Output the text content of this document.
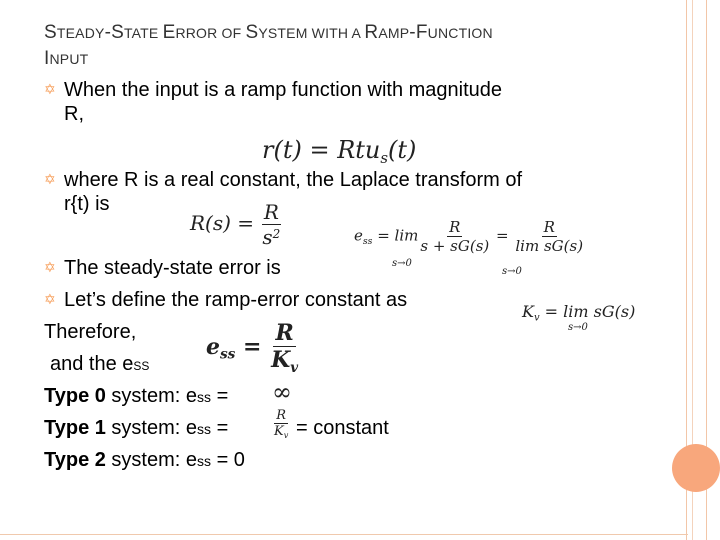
STEADY-STATE ERROR OF SYSTEM WITH A RAMP-FUNCTION
INPUT
✡ When the input is a ramp function with magnitude
R,
r(t) = Rtu$_s$(t)
✡ where R is a real constant, the Laplace transform of
r{t) is
$R(s) = \frac{R}{s^2}$	$e_{ss} = \lim \frac{R}{s + sG(s)} = \frac{R}{\text{lim sG(s)}}$
s→0
s→0
✡ The steady-state error is
✡ Let’s define the ramp-error constant as
$K_v = \lim sG(s)$
s→0
Therefore,
and the eSS
$e_{ss} = \frac{R}{K_v}$
Type 0 system: ess = ∞
Type 1 system: ess =	$\frac{R}{K_v}$ = constant
Type 2 system: ess = 0
